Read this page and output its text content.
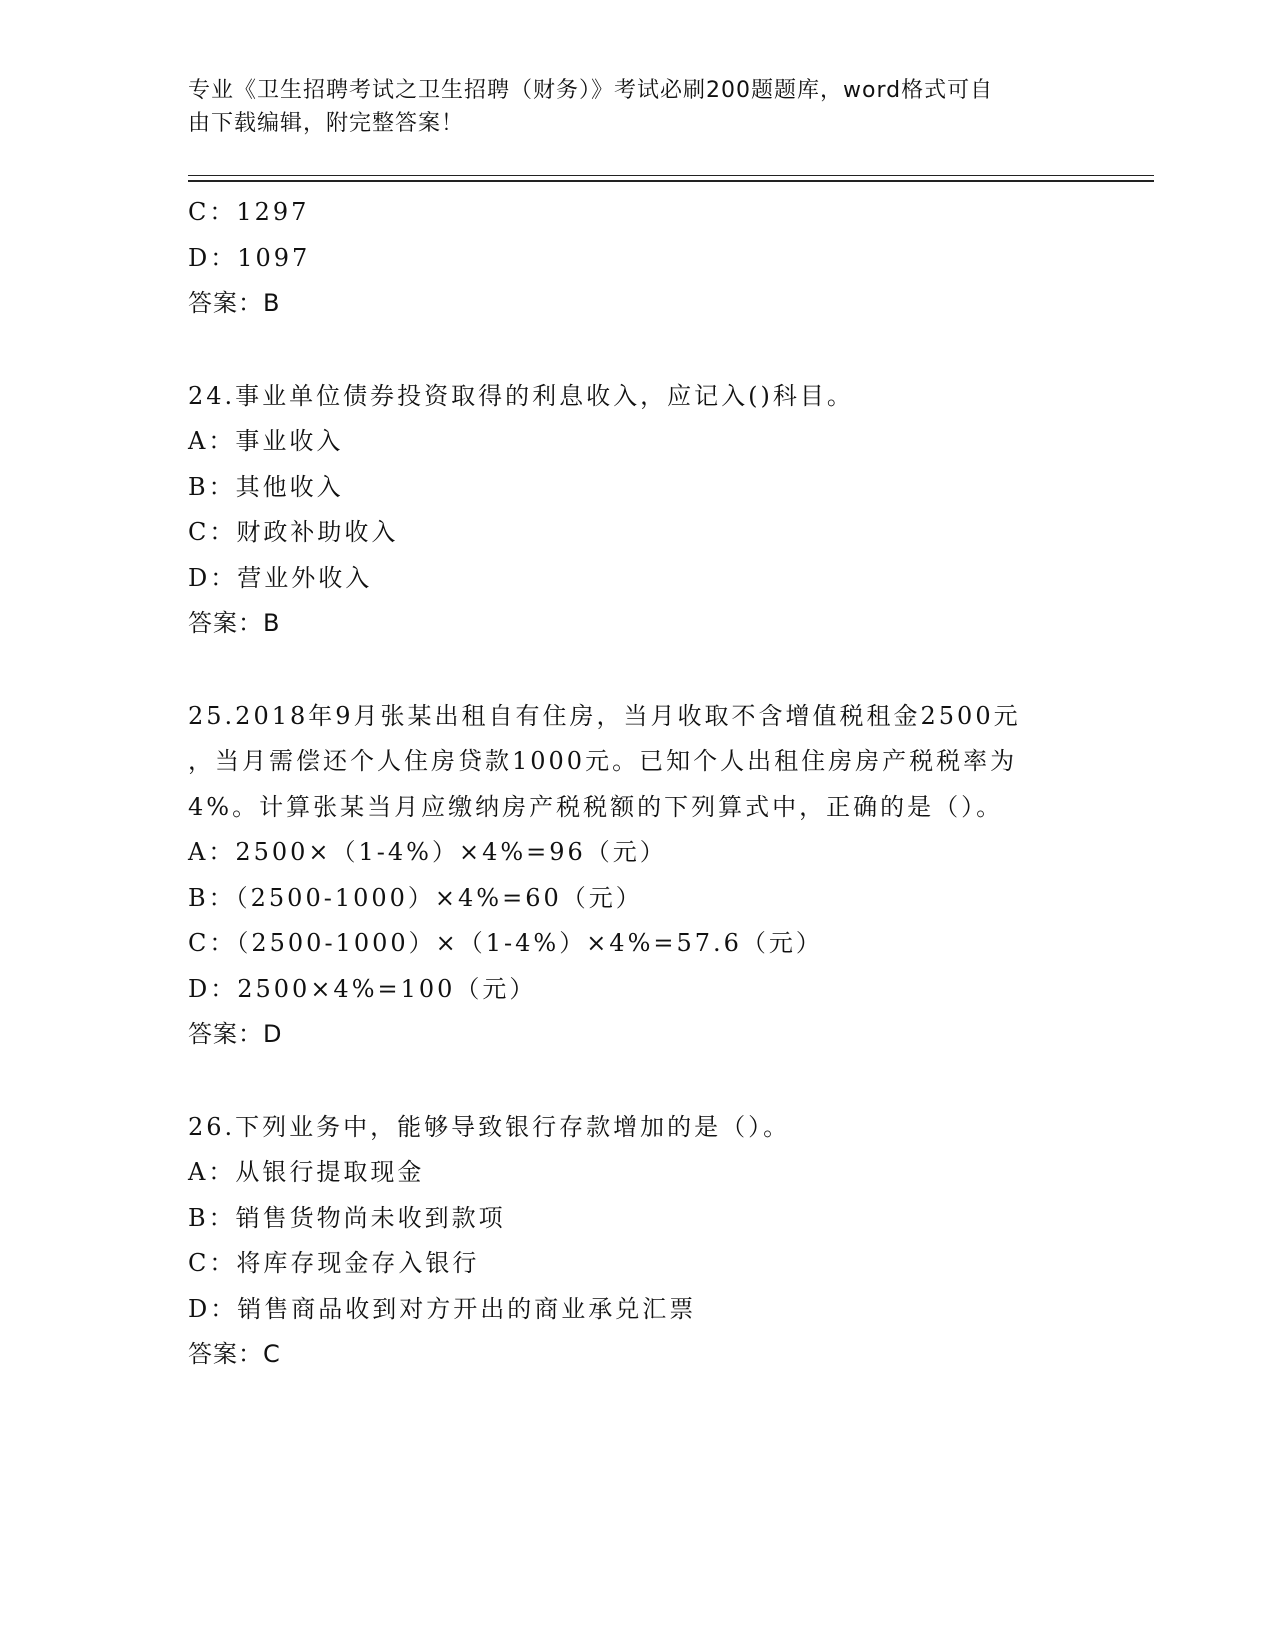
专业《卫生招聘考试之卫生招聘（财务）》考试必刷200题题库，word格式可自
由下载编辑，附完整答案！
C：1297
D：1097
答案：B
24.事业单位债券投资取得的利息收入，应记入()科目。
A：事业收入
B：其他收入
C：财政补助收入
D：营业外收入
答案：B
25.2018年9月张某出租自有住房，当月收取不含增值税租金2500元
，当月需偿还个人住房贷款1000元。已知个人出租住房房产税税率为
4%。计算张某当月应缴纳房产税税额的下列算式中，正确的是（）。
A：2500×（1-4%）×4%=96（元）
B：（2500-1000）×4%=60（元）
C：（2500-1000）×（1-4%）×4%=57.6（元）
D：2500×4%=100（元）
答案：D
26.下列业务中，能够导致银行存款增加的是（）。
A：从银行提取现金
B：销售货物尚未收到款项
C：将库存现金存入银行
D：销售商品收到对方开出的商业承兑汇票
答案：C
